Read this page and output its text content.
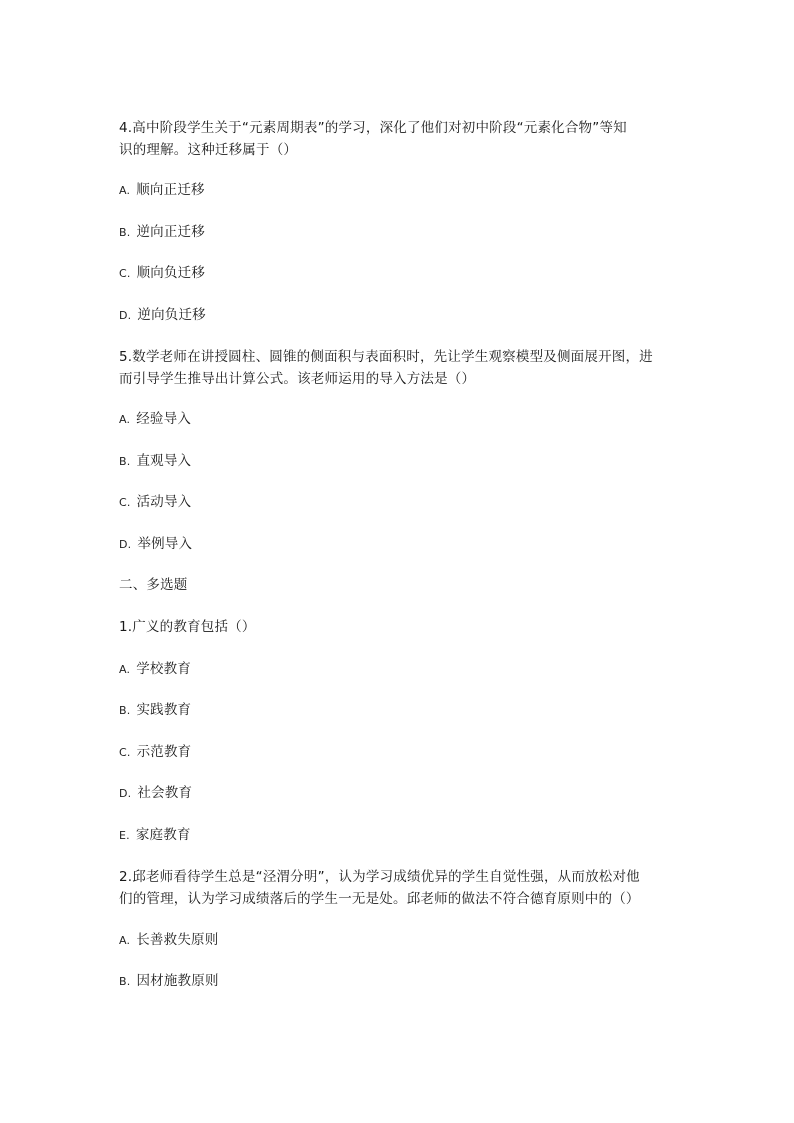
4.高中阶段学生关于“元素周期表”的学习，深化了他们对初中阶段“元素化合物”等知
识的理解。这种迁移属于（）
A. 顺向正迁移
B. 逆向正迁移
C. 顺向负迁移
D. 逆向负迁移
5.数学老师在讲授圆柱、圆锥的侧面积与表面积时，先让学生观察模型及侧面展开图，进
而引导学生推导出计算公式。该老师运用的导入方法是（）
A. 经验导入
B. 直观导入
C. 活动导入
D. 举例导入
二、多选题
1.广义的教育包括（）
A. 学校教育
B. 实践教育
C. 示范教育
D. 社会教育
E. 家庭教育
2.邱老师看待学生总是“泾渭分明”，认为学习成绩优异的学生自觉性强，从而放松对他
们的管理，认为学习成绩落后的学生一无是处。邱老师的做法不符合德育原则中的（）
A. 长善救失原则
B. 因材施教原则
